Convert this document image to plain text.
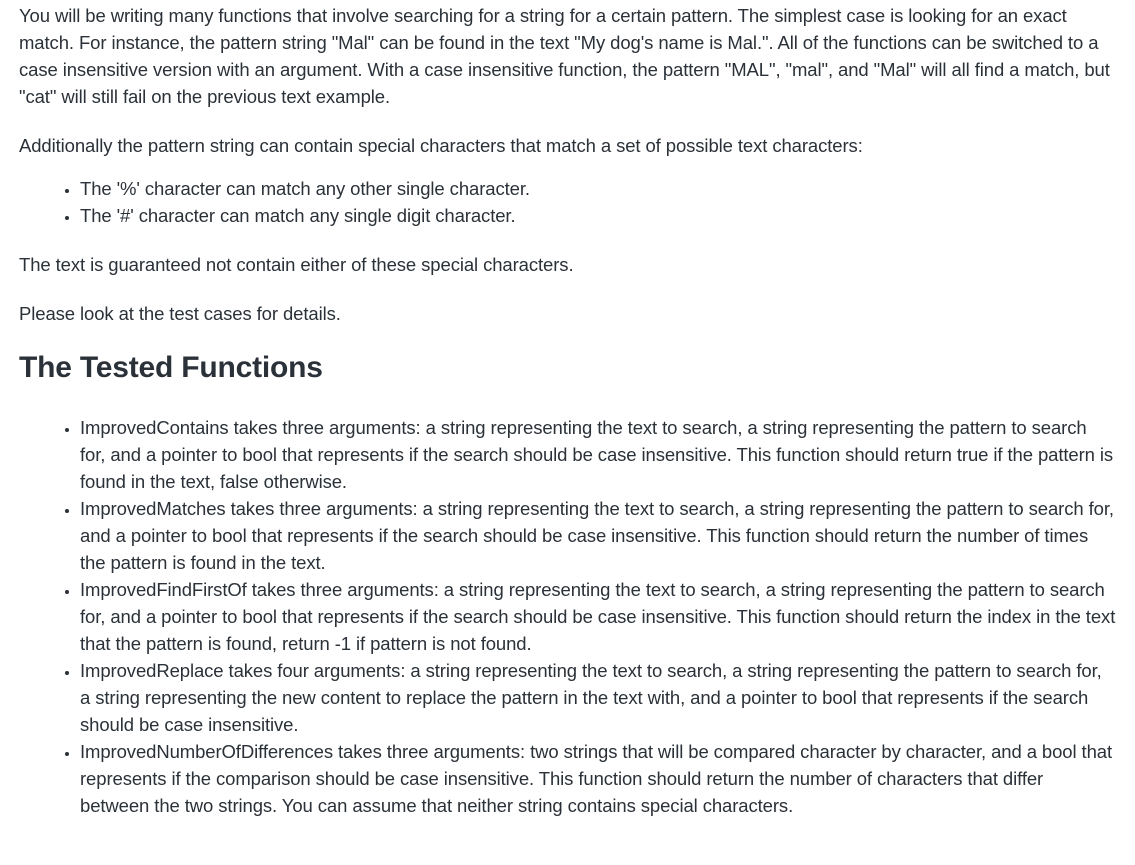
You will be writing many functions that involve searching for a string for a certain pattern. The simplest case is looking for an exact match. For instance, the pattern string "Mal" can be found in the text "My dog's name is Mal.". All of the functions can be switched to a case insensitive version with an argument. With a case insensitive function, the pattern "MAL", "mal", and "Mal" will all find a match, but "cat" will still fail on the previous text example.

Additionally the pattern string can contain special characters that match a set of possible text characters:

• The '%' character can match any other single character.
• The '#' character can match any single digit character.

The text is guaranteed not contain either of these special characters.

Please look at the test cases for details.

The Tested Functions
• ImprovedContains takes three arguments: a string representing the text to search, a string representing the pattern to search for, and a pointer to bool that represents if the search should be case insensitive. This function should return true if the pattern is found in the text, false otherwise.
• ImprovedMatches takes three arguments: a string representing the text to search, a string representing the pattern to search for, and a pointer to bool that represents if the search should be case insensitive. This function should return the number of times the pattern is found in the text.
• ImprovedFindFirstOf takes three arguments: a string representing the text to search, a string representing the pattern to search for, and a pointer to bool that represents if the search should be case insensitive. This function should return the index in the text that the pattern is found, return -1 if pattern is not found.
• ImprovedReplace takes four arguments: a string representing the text to search, a string representing the pattern to search for, a string representing the new content to replace the pattern in the text with, and a pointer to bool that represents if the search should be case insensitive.
• ImprovedNumberOfDifferences takes three arguments: two strings that will be compared character by character, and a bool that represents if the comparison should be case insensitive. This function should return the number of characters that differ between the two strings. You can assume that neither string contains special characters.
